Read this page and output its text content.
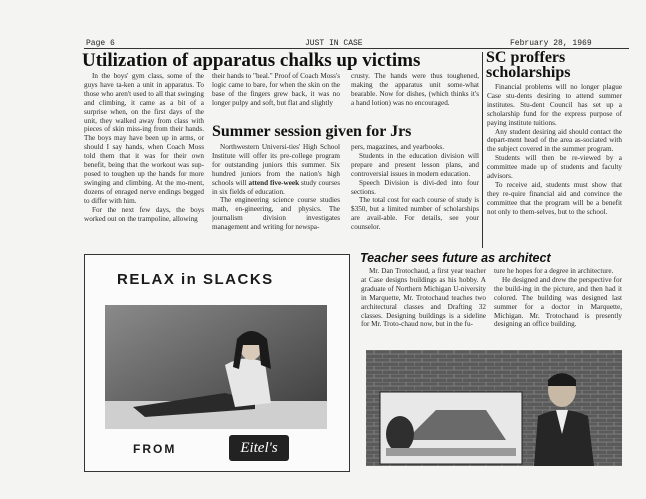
Page 6	JUST IN CASE	February 28, 1969
Utilization of apparatus chalks up victims

In the boys' gym class, some of the guys have ta-ken a unit in apparatus. To those who aren't used to all that swinging and climbing, it came as a bit of a surprise when, on the first days of the unit, they walked away from class with pieces of skin miss-ing from their hands. The boys may have been up in arms, or should I say hands, when Coach Moss told them that it was for their own benefit, being that the workout was sup-posed to toughen up the hands for more swinging and climbing. At the mo-ment, dozens of enraged nerve endings begged to differ with him.

For the next few days, the boys worked out on the trampoline, allowing

their hands to "heal." Proof of Coach Moss's logic came to bare, for when the skin on the base of the fingers grew back, it was no longer pulpy and soft, but flat and slightly

crusty. The hands were thus toughened, making the apparatus unit some-what bearable. Now for dishes, (which thinks it's a hand lotion) was no encouraged.

Summer session given for Jrs

Northwestern Universi-ties' High School Institute will offer its pre-college program for outstanding juniors this summer. Six hundred juniors from the nation's high schools will attend five-week study courses in six fields of education.

The engineering science course studies math, en-gineering, and physics. The journalism division investigates management and writing for newspa-

pers, magazines, and yearbooks.

Students in the education division will prepare and present lesson plans, and controversial issues in modern education.

Speech Division is divi-ded into four sections.

The total cost for each course of study is $350, but a limited number of scholarships are avail-able. For details, see your counselor.

SC proffers scholarships

Financial problems will no longer plague Case stu-dents desiring to attend summer institutes. Stu-dent Council has set up a scholarship fund for the express purpose of paying institute tuitions.

Any student desiring aid should contact the depart-ment head of the area as-sociated with the subject covered in the summer program.

Students will then be re-viewed by a committee made up of students and faculty advisors.

To receive aid, students must show that they re-quire financial aid and convince the committee that the program will be a benefit not only to them-selves, but to the school.

RELAX in SLACKS
FROM	Eitel's
Teacher sees future as architect

Mr. Dan Trotochaud, a first year teacher at Case designs buildings as his hobby. A graduate of Northern Michigan U-niversity in Marquette, Mr. Trotochaud teaches two architectural classes and Drafting 32 classes. Designing buildings is a sideline for Mr. Troto-chaud now, but in the fu-

ture he hopes for a degree in architecture.

He designed and drew the perspective for the build-ing in the picture, and then had it colored. The building was designed last summer for a doctor in Marquette, Michigan. Mr. Trotochaud is presently designing an office building.
